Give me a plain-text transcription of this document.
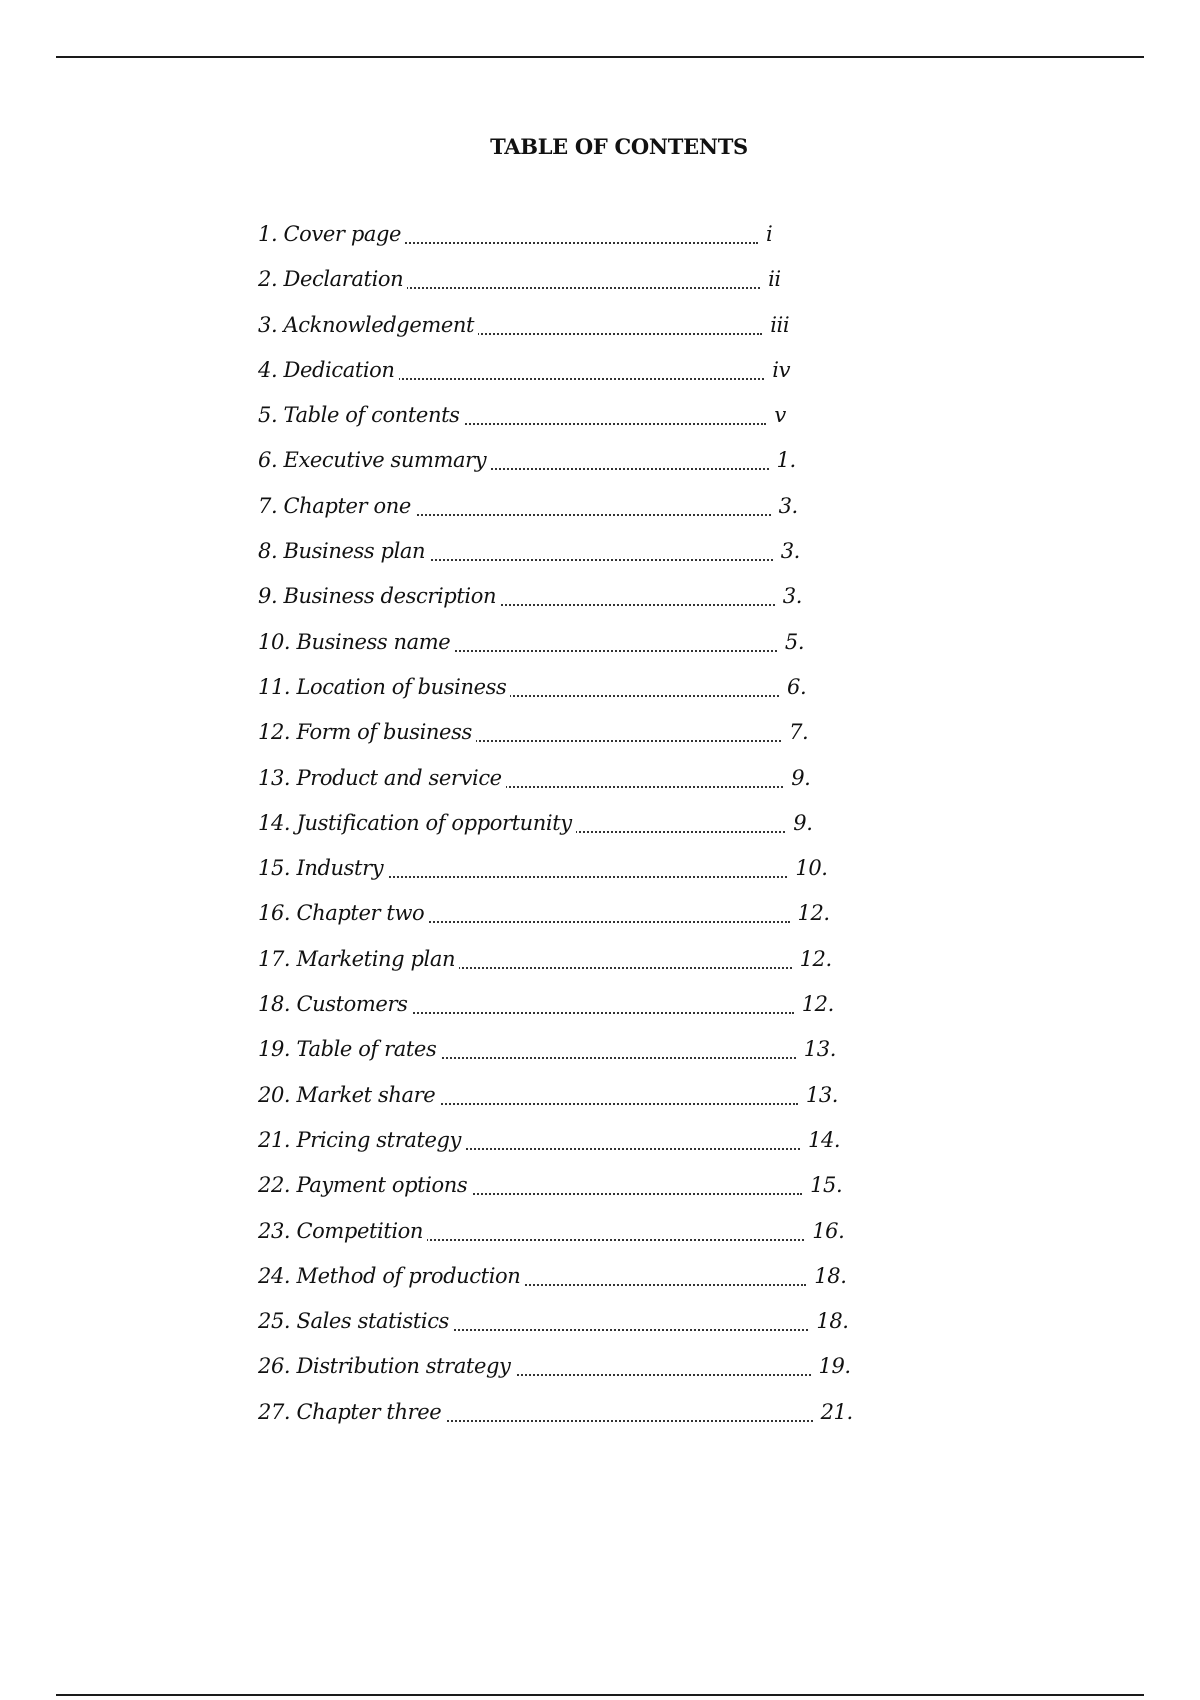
TABLE OF CONTENTS
1. Cover page	i
2. Declaration	ii
3. Acknowledgement	iii
4. Dedication	iv
5. Table of contents	v
6. Executive summary	1.
7. Chapter one	3.
8. Business plan	3.
9. Business description	3.
10. Business name	5.
11. Location of business	6.
12. Form of business	7.
13. Product and service	9.
14. Justification of opportunity	9.
15. Industry	10.
16. Chapter two	12.
17. Marketing plan	12.
18. Customers	12.
19. Table of rates	13.
20. Market share	13.
21. Pricing strategy	14.
22. Payment options	15.
23. Competition	16.
24. Method of production	18.
25. Sales statistics	18.
26. Distribution strategy	19.
27. Chapter three	21.
